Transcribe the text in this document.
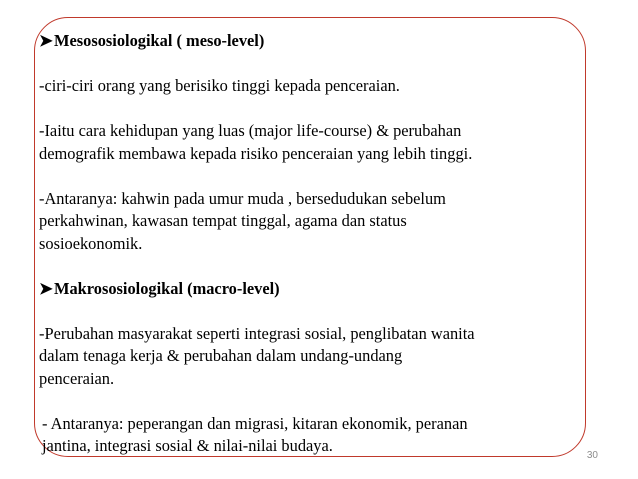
➤ Mesososiologikal ( meso-level)
-ciri-ciri orang yang berisiko tinggi kepada penceraian.
-Iaitu cara kehidupan yang luas (major life-course) & perubahan
demografik membawa kepada risiko penceraian yang lebih tinggi.
-Antaranya: kahwin pada umur muda , bersedudukan sebelum
perkahwinan, kawasan tempat tinggal, agama dan status
sosioekonomik.
➤ Makrososiologikal (macro-level)
-Perubahan masyarakat seperti integrasi sosial, penglibatan wanita
dalam tenaga kerja & perubahan dalam undang-undang
penceraian.
- Antaranya: peperangan dan migrasi, kitaran ekonomik, peranan
jantina, integrasi sosial & nilai-nilai budaya.
30
